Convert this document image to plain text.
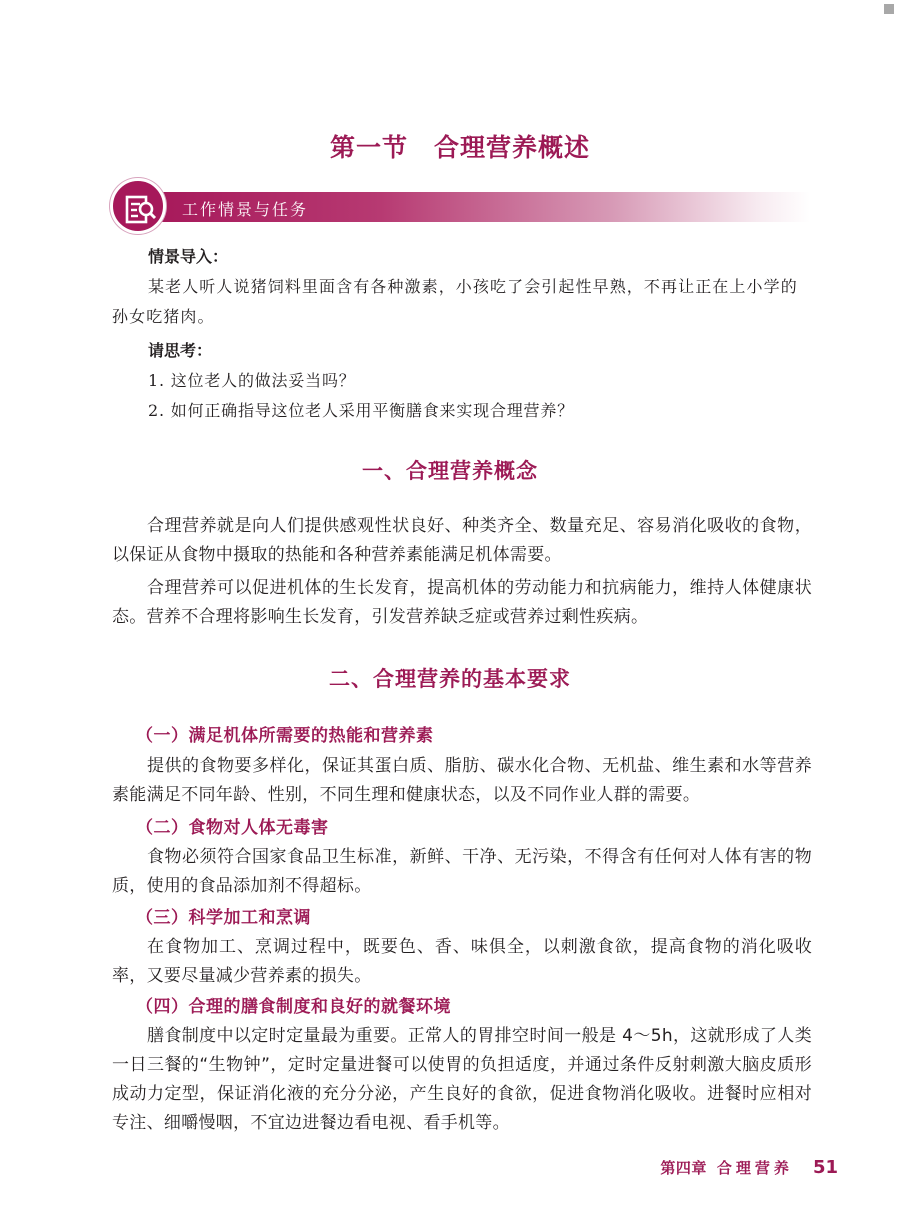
第一节 合理营养概述
工作情景与任务
情景导入：
某老人听人说猪饲料里面含有各种激素，小孩吃了会引起性早熟，不再让正在上小学的孙女吃猪肉。
请思考：
1. 这位老人的做法妥当吗？
2. 如何正确指导这位老人采用平衡膳食来实现合理营养？
一、合理营养概念

合理营养就是向人们提供感观性状良好、种类齐全、数量充足、容易消化吸收的食物，以保证从食物中摄取的热能和各种营养素能满足机体需要。

合理营养可以促进机体的生长发育，提高机体的劳动能力和抗病能力，维持人体健康状态。营养不合理将影响生长发育，引发营养缺乏症或营养过剩性疾病。

二、合理营养的基本要求
（一）满足机体所需要的热能和营养素

提供的食物要多样化，保证其蛋白质、脂肪、碳水化合物、无机盐、维生素和水等营养素能满足不同年龄、性别，不同生理和健康状态，以及不同作业人群的需要。

（二）食物对人体无毒害

食物必须符合国家食品卫生标准，新鲜、干净、无污染，不得含有任何对人体有害的物质，使用的食品添加剂不得超标。

（三）科学加工和烹调

在食物加工、烹调过程中，既要色、香、味俱全，以刺激食欲，提高食物的消化吸收率，又要尽量减少营养素的损失。

（四）合理的膳食制度和良好的就餐环境

膳食制度中以定时定量最为重要。正常人的胃排空时间一般是 4～5h，这就形成了人类一日三餐的“生物钟”，定时定量进餐可以使胃的负担适度，并通过条件反射刺激大脑皮质形成动力定型，保证消化液的充分分泌，产生良好的食欲，促进食物消化吸收。进餐时应相对专注、细嚼慢咽，不宜边进餐边看电视、看手机等。

第四章 合理营养 51
